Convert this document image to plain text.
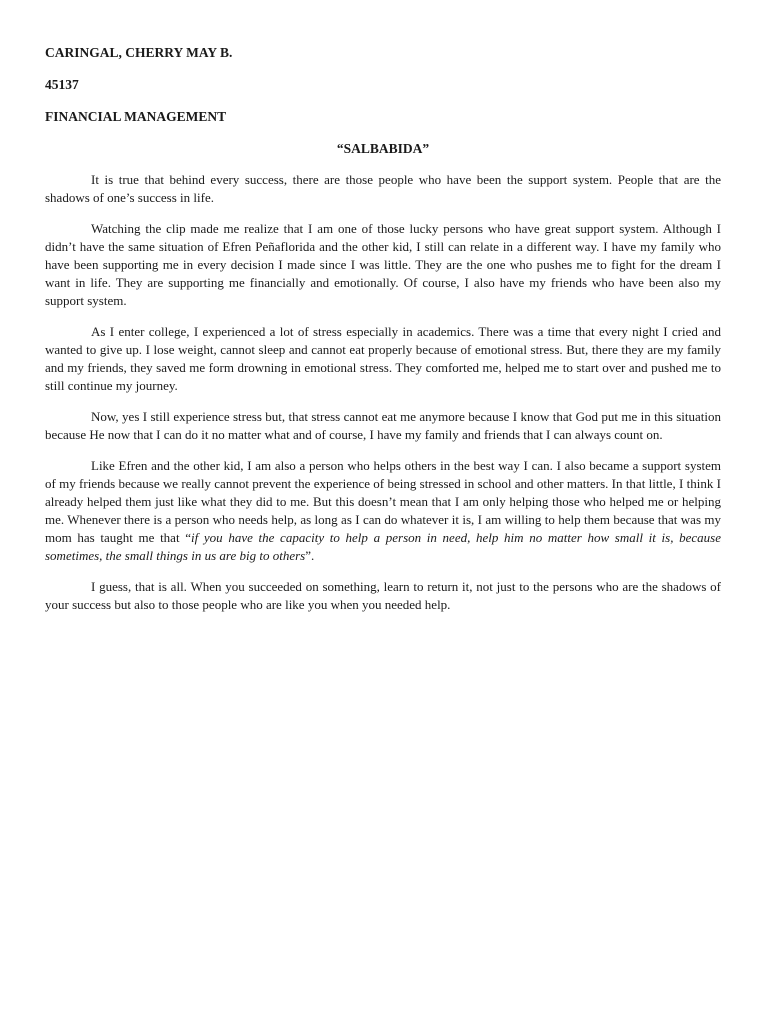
CARINGAL, CHERRY MAY B.

45137

FINANCIAL MANAGEMENT

“SALBABIDA”

It is true that behind every success, there are those people who have been the support system. People that are the shadows of one’s success in life.

Watching the clip made me realize that I am one of those lucky persons who have great support system. Although I didn’t have the same situation of Efren Peñaflorida and the other kid, I still can relate in a different way. I have my family who have been supporting me in every decision I made since I was little. They are the one who pushes me to fight for the dream I want in life. They are supporting me financially and emotionally. Of course, I also have my friends who have been also my support system.

As I enter college, I experienced a lot of stress especially in academics. There was a time that every night I cried and wanted to give up. I lose weight, cannot sleep and cannot eat properly because of emotional stress. But, there they are my family and my friends, they saved me form drowning in emotional stress. They comforted me, helped me to start over and pushed me to still continue my journey.

Now, yes I still experience stress but, that stress cannot eat me anymore because I know that God put me in this situation because He now that I can do it no matter what and of course, I have my family and friends that I can always count on.

Like Efren and the other kid, I am also a person who helps others in the best way I can. I also became a support system of my friends because we really cannot prevent the experience of being stressed in school and other matters. In that little, I think I already helped them just like what they did to me. But this doesn’t mean that I am only helping those who helped me or helping me. Whenever there is a person who needs help, as long as I can do whatever it is, I am willing to help them because that was my mom has taught me that “if you have the capacity to help a person in need, help him no matter how small it is, because sometimes, the small things in us are big to others”.

I guess, that is all. When you succeeded on something, learn to return it, not just to the persons who are the shadows of your success but also to those people who are like you when you needed help.
